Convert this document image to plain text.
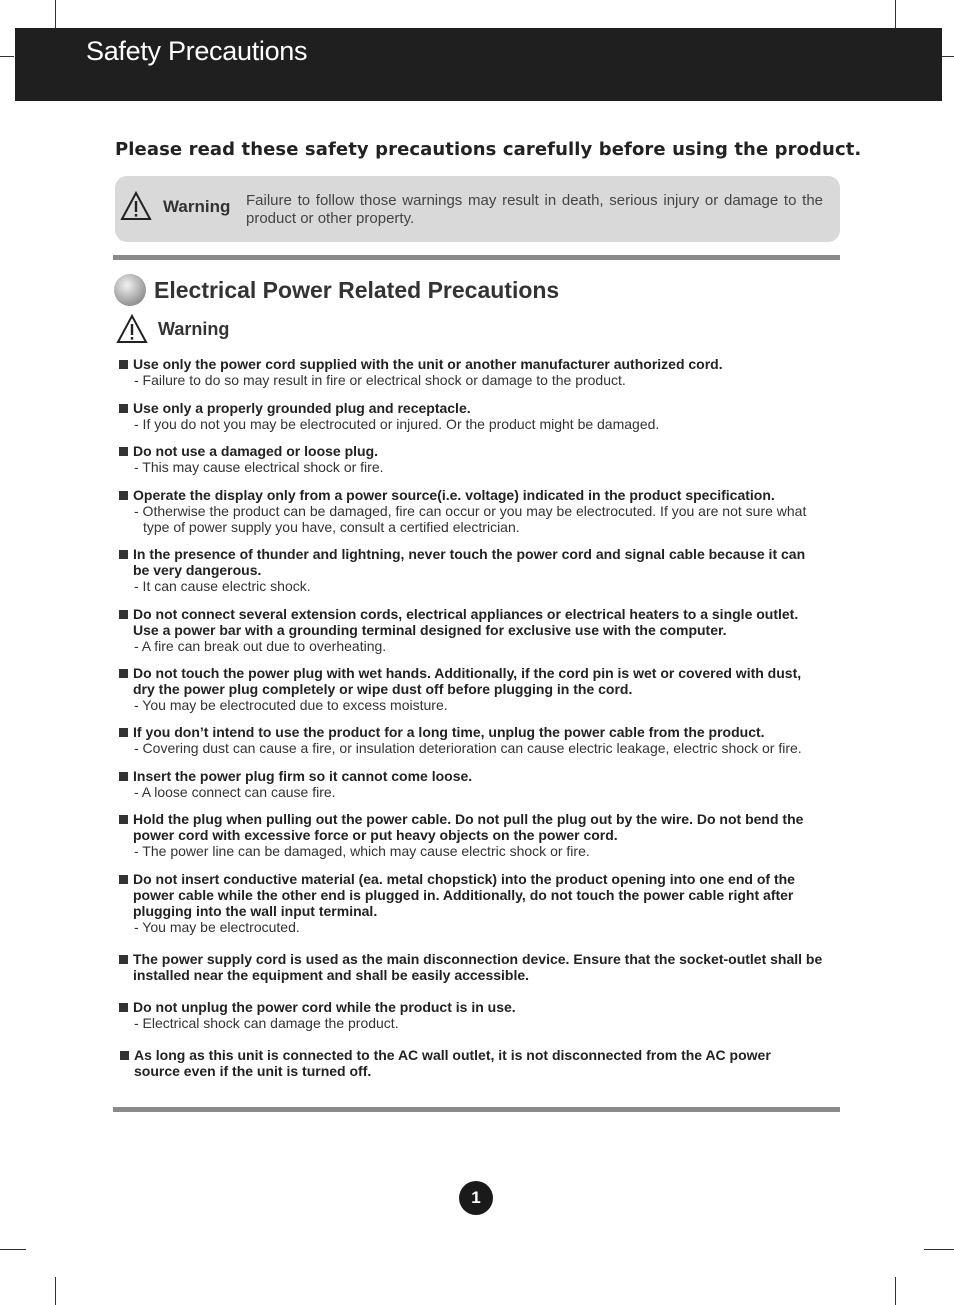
Safety Precautions
Please read these safety precautions carefully before using the product.
Warning Failure to follow those warnings may result in death, serious injury or damage to the product or other property.
Electrical Power Related Precautions
Warning
Use only the power cord supplied with the unit or another manufacturer authorized cord.
- Failure to do so may result in fire or electrical shock or damage to the product.
Use only a properly grounded plug and receptacle.
- If you do not you may be electrocuted or injured. Or the product might be damaged.
Do not use a damaged or loose plug.
- This may cause electrical shock or fire.
Operate the display only from a power source(i.e. voltage) indicated in the product specification.
- Otherwise the product can be damaged, fire can occur or you may be electrocuted. If you are not sure what
type of power supply you have, consult a certified electrician.
In the presence of thunder and lightning, never touch the power cord and signal cable because it can be very dangerous.
- It can cause electric shock.
Do not connect several extension cords, electrical appliances or electrical heaters to a single outlet. Use a power bar with a grounding terminal designed for exclusive use with the computer.
- A fire can break out due to overheating.
Do not touch the power plug with wet hands. Additionally, if the cord pin is wet or covered with dust, dry the power plug completely or wipe dust off before plugging in the cord.
- You may be electrocuted due to excess moisture.
If you don’t intend to use the product for a long time, unplug the power cable from the product.
- Covering dust can cause a fire, or insulation deterioration can cause electric leakage, electric shock or fire.
Insert the power plug firm so it cannot come loose.
- A loose connect can cause fire.
Hold the plug when pulling out the power cable. Do not pull the plug out by the wire. Do not bend the power cord with excessive force or put heavy objects on the power cord.
- The power line can be damaged, which may cause electric shock or fire.
Do not insert conductive material (ea. metal chopstick) into the product opening into one end of the power cable while the other end is plugged in. Additionally, do not touch the power cable right after plugging into the wall input terminal.
- You may be electrocuted.
The power supply cord is used as the main disconnection device. Ensure that the socket-outlet shall be installed near the equipment and shall be easily accessible.
Do not unplug the power cord while the product is in use.
- Electrical shock can damage the product.
As long as this unit is connected to the AC wall outlet, it is not disconnected from the AC power source even if the unit is turned off.
1
